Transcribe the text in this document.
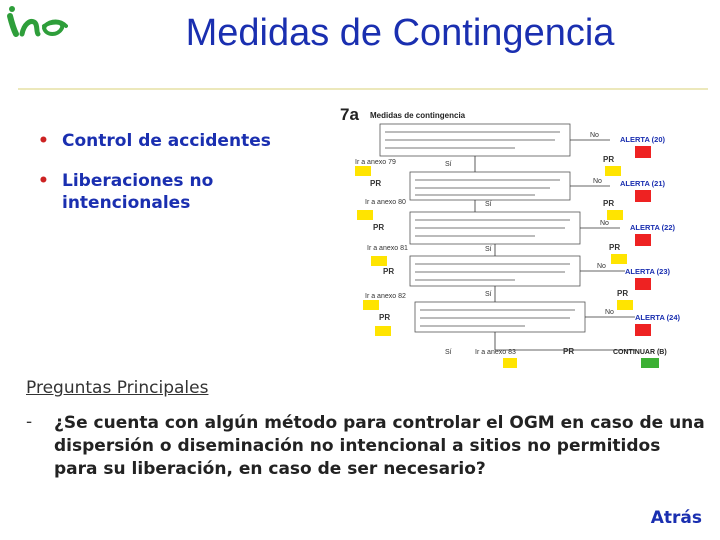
Medidas de Contingencia
• Control de accidentes
• Liberaciones no intencionales
7a Medidas de contingencia
No
No
No
No
No
Sí
Sí
Sí
Sí
Sí
Ir a anexo 79
Ir a anexo 80
Ir a anexo 81
Ir a anexo 82
Ir a anexo 83
PR
PR
PR
PR
PR
PR
PR
PR
PR
ALERTA (20)
ALERTA (21)
ALERTA (22)
ALERTA (23)
ALERTA (24)
CONTINUAR (B)
Preguntas Principales
- ¿Se cuenta con algún método para controlar el OGM en caso de una dispersión o diseminación no intencional a sitios no permitidos para su liberación, en caso de ser necesario?
Atrás
